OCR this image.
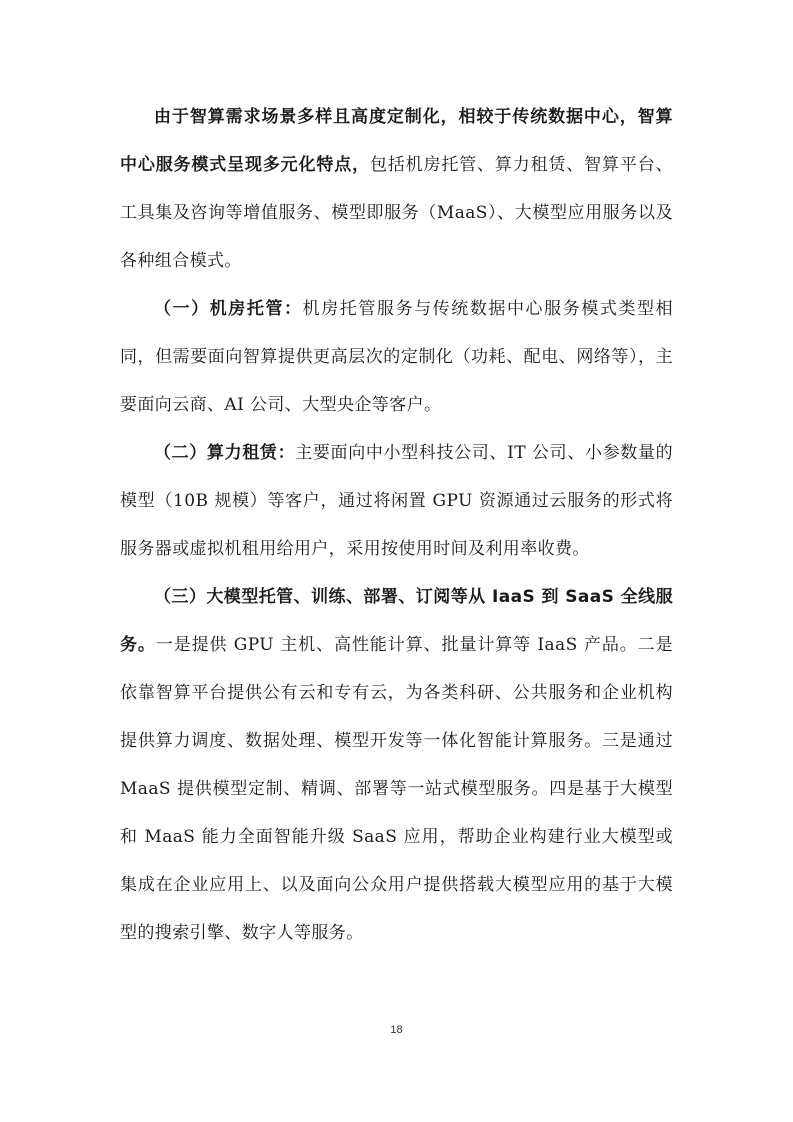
由于智算需求场景多样且高度定制化，相较于传统数据中心，智算中心服务模式呈现多元化特点，包括机房托管、算力租赁、智算平台、工具集及咨询等增值服务、模型即服务（MaaS）、大模型应用服务以及各种组合模式。

（一）机房托管：机房托管服务与传统数据中心服务模式类型相同，但需要面向智算提供更高层次的定制化（功耗、配电、网络等），主要面向云商、AI 公司、大型央企等客户。

（二）算力租赁：主要面向中小型科技公司、IT 公司、小参数量的模型（10B 规模）等客户，通过将闲置 GPU 资源通过云服务的形式将服务器或虚拟机租用给用户，采用按使用时间及利用率收费。

（三）大模型托管、训练、部署、订阅等从 IaaS 到 SaaS 全线服务。一是提供 GPU 主机、高性能计算、批量计算等 IaaS 产品。二是依靠智算平台提供公有云和专有云，为各类科研、公共服务和企业机构提供算力调度、数据处理、模型开发等一体化智能计算服务。三是通过 MaaS 提供模型定制、精调、部署等一站式模型服务。四是基于大模型和 MaaS 能力全面智能升级 SaaS 应用，帮助企业构建行业大模型或集成在企业应用上、以及面向公众用户提供搭载大模型应用的基于大模型的搜索引擎、数字人等服务。

18
